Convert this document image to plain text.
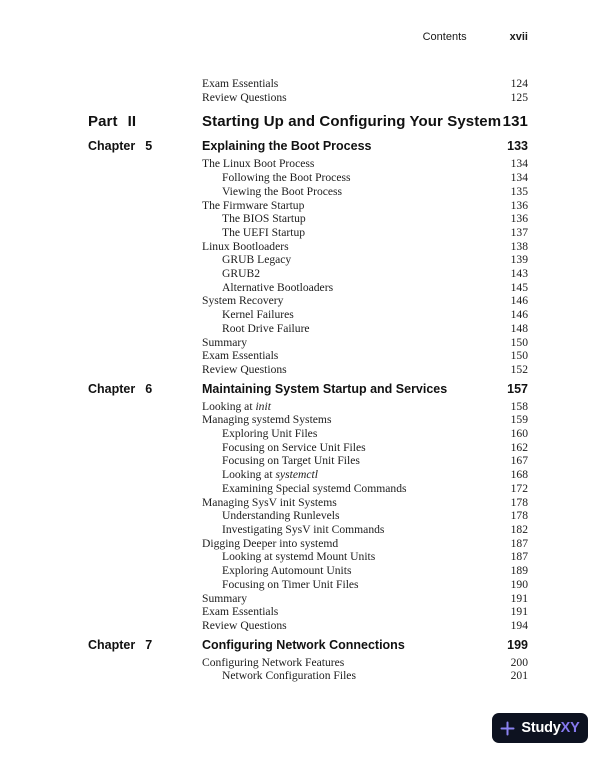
Contents	xvii
Exam Essentials	124
Review Questions	125
Part II	Starting Up and Configuring Your System 131
Chapter 5	Explaining the Boot Process	133
The Linux Boot Process	134
Following the Boot Process	134
Viewing the Boot Process	135
The Firmware Startup	136
The BIOS Startup	136
The UEFI Startup	137
Linux Bootloaders	138
GRUB Legacy	139
GRUB2	143
Alternative Bootloaders	145
System Recovery	146
Kernel Failures	146
Root Drive Failure	148
Summary	150
Exam Essentials	150
Review Questions	152
Chapter 6	Maintaining System Startup and Services	157
Looking at init	158
Managing systemd Systems	159
Exploring Unit Files	160
Focusing on Service Unit Files	162
Focusing on Target Unit Files	167
Looking at systemctl	168
Examining Special systemd Commands	172
Managing SysV init Systems	178
Understanding Runlevels	178
Investigating SysV init Commands	182
Digging Deeper into systemd	187
Looking at systemd Mount Units	187
Exploring Automount Units	189
Focusing on Timer Unit Files	190
Summary	191
Exam Essentials	191
Review Questions	194
Chapter 7	Configuring Network Connections	199
Configuring Network Features	200
Network Configuration Files	201
StudyXY
